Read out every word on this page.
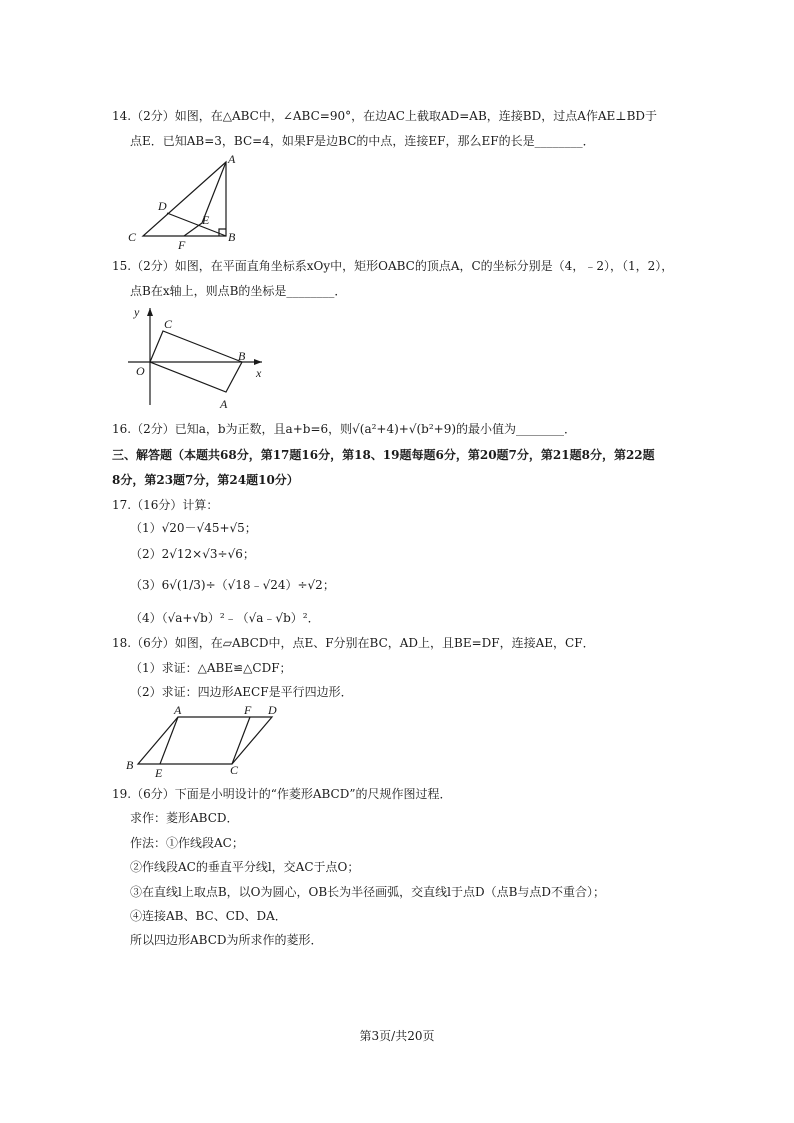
14.（2分）如图，在△ABC中，∠ABC=90°，在边AC上截取AD=AB，连接BD，过点A作AE⊥BD于
点E．已知AB=3，BC=4，如果F是边BC的中点，连接EF，那么EF的长是________．
A
B
C
D
E
F
15.（2分）如图，在平面直角坐标系xOy中，矩形OABC的顶点A，C的坐标分别是（4，﹣2），（1，2），
点B在x轴上，则点B的坐标是________．
y
x
O
A
B
C
16.（2分）已知a，b为正数，且a+b=6，则√(a²+4)+√(b²+9)的最小值为________．
三、解答题（本题共68分，第17题16分，第18、19题每题6分，第20题7分，第21题8分，第22题
8分，第23题7分，第24题10分）
17.（16分）计算：
（1）√20－√45+√5；
（2）2√12×√3÷√6；
（3）6√(1/3)÷（√18﹣√24）÷√2；
（4）（√a+√b）²﹣（√a﹣√b）²．
18.（6分）如图，在▱ABCD中，点E、F分别在BC，AD上，且BE=DF，连接AE，CF．
（1）求证：△ABE≌△CDF；
（2）求证：四边形AECF是平行四边形．
A	F D
B
E	C
19.（6分）下面是小明设计的“作菱形ABCD”的尺规作图过程．
求作：菱形ABCD．
作法：①作线段AC；
②作线段AC的垂直平分线l，交AC于点O；
③在直线l上取点B，以O为圆心，OB长为半径画弧，交直线l于点D（点B与点D不重合）；
④连接AB、BC、CD、DA．
所以四边形ABCD为所求作的菱形．
第3页/共20页
